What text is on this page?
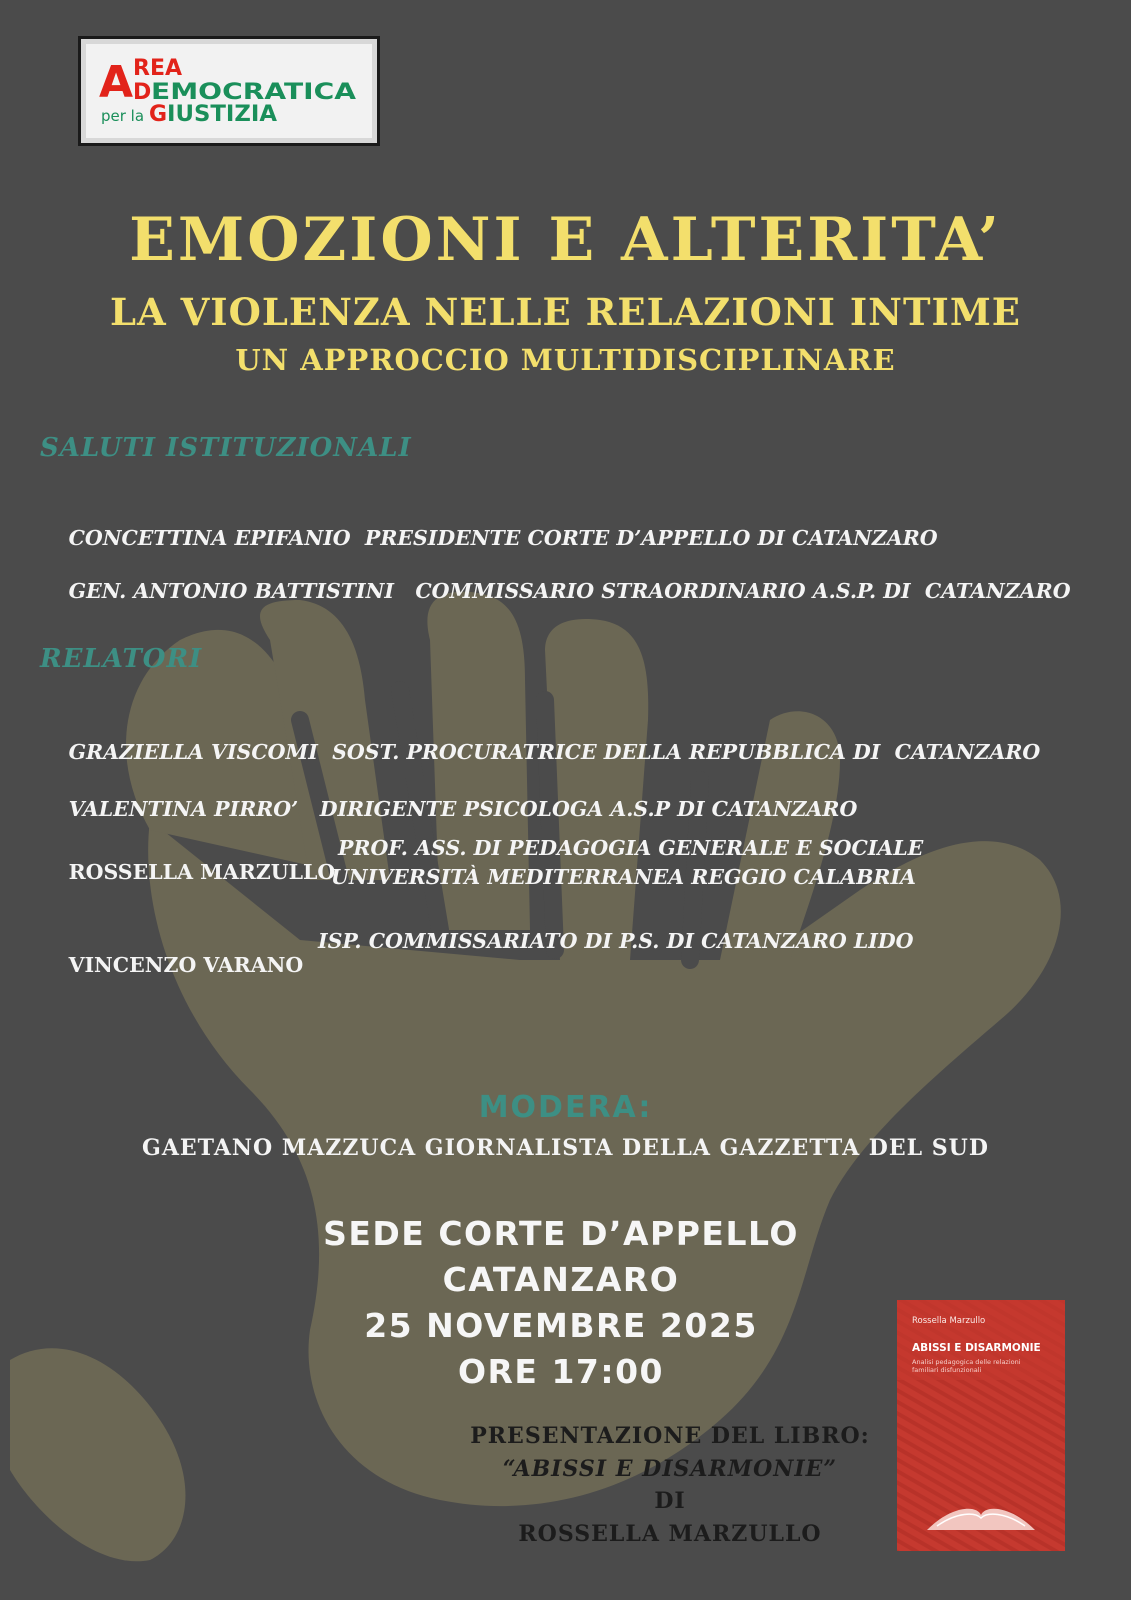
A REA
D EMOCRATICA
per la G IUSTIZIA
EMOZIONI E ALTERITA’
LA VIOLENZA NELLE RELAZIONI INTIME
UN APPROCCIO MULTIDISCIPLINARE
SALUTI ISTITUZIONALI

CONCETTINA EPIFANIO PRESIDENTE CORTE D’APPELLO DI CATANZARO

GEN. ANTONIO BATTISTINI COMMISSARIO STRAORDINARIO A.S.P. DI  CATANZARO

RELATORI

GRAZIELLA VISCOMI SOST. PROCURATRICE DELLA REPUBBLICA DI  CATANZARO

VALENTINA PIRRO’ DIRIGENTE PSICOLOGA A.S.P DI CATANZARO

ROSSELLA MARZULLO

PROF. ASS. DI PEDAGOGIA GENERALE E SOCIALE
UNIVERSITÀ MEDITERRANEA REGGIO CALABRIA

VINCENZO VARANO

ISP. COMMISSARIATO DI P.S. DI CATANZARO LIDO
MODERA:
GAETANO MAZZUCA GIORNALISTA DELLA GAZZETTA DEL SUD
SEDE CORTE D’APPELLO
CATANZARO
25 NOVEMBRE 2025
ORE 17:00
PRESENTAZIONE DEL LIBRO:
“ABISSI E DISARMONIE”
DI
ROSSELLA MARZULLO
Rossella Marzullo
ABISSI E DISARMONIE
Analisi pedagogica delle relazioni familiari disfunzionali
